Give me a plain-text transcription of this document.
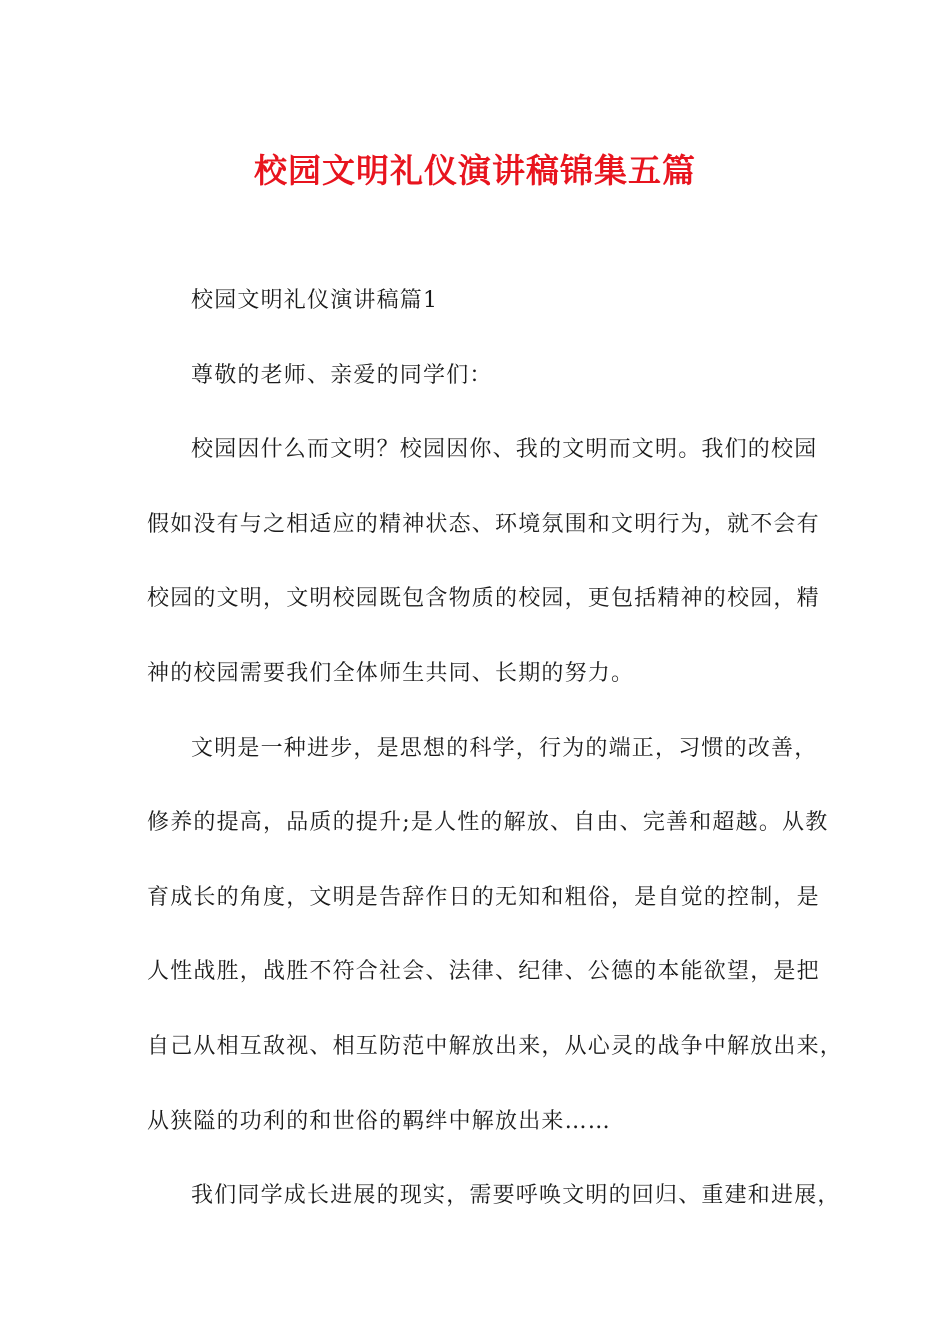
校园文明礼仪演讲稿锦集五篇
校园文明礼仪演讲稿篇1
尊敬的老师、亲爱的同学们：
校园因什么而文明？校园因你、我的文明而文明。我们的校园
假如没有与之相适应的精神状态、环境氛围和文明行为，就不会有
校园的文明，文明校园既包含物质的校园，更包括精神的校园，精
神的校园需要我们全体师生共同、长期的努力。
文明是一种进步，是思想的科学，行为的端正，习惯的改善，
修养的提高，品质的提升;是人性的解放、自由、完善和超越。从教
育成长的角度，文明是告辞作日的无知和粗俗，是自觉的控制，是
人性战胜，战胜不符合社会、法律、纪律、公德的本能欲望，是把
自己从相互敌视、相互防范中解放出来，从心灵的战争中解放出来，
从狭隘的功利的和世俗的羁绊中解放出来……
我们同学成长进展的现实，需要呼唤文明的回归、重建和进展，
